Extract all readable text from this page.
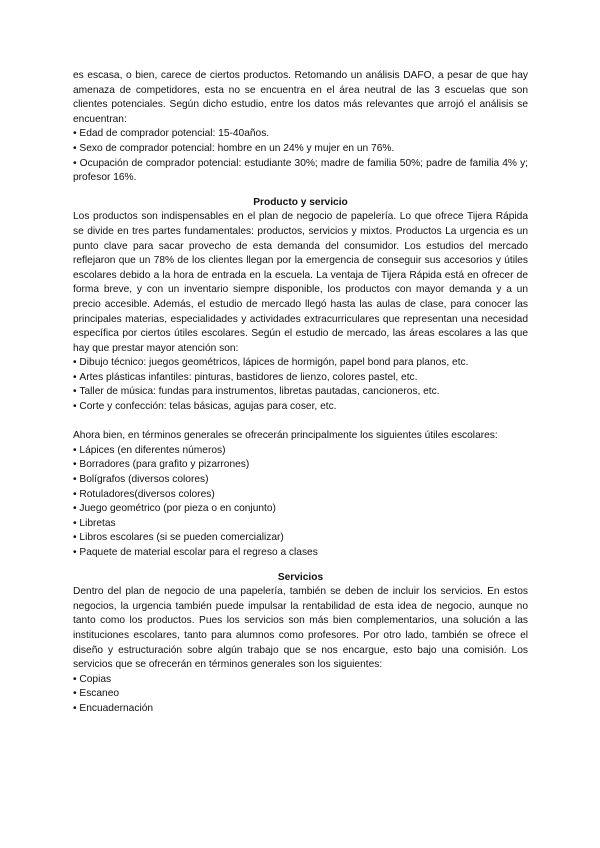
es escasa, o bien, carece de ciertos productos. Retomando un análisis DAFO, a pesar de que hay amenaza de competidores, esta no se encuentra en el área neutral de las 3 escuelas que son clientes potenciales. Según dicho estudio, entre los datos más relevantes que arrojó el análisis se encuentran:

• Edad de comprador potencial: 15-40años.
• Sexo de comprador potencial: hombre en un 24% y mujer en un 76%.
• Ocupación de comprador potencial: estudiante 30%; madre de familia 50%; padre de familia 4% y; profesor 16%.
Producto y servicio

Los productos son indispensables en el plan de negocio de papelería. Lo que ofrece Tijera Rápida se divide en tres partes fundamentales: productos, servicios y mixtos. Productos La urgencia es un punto clave para sacar provecho de esta demanda del consumidor. Los estudios del mercado reflejaron que un 78% de los clientes llegan por la emergencia de conseguir sus accesorios y útiles escolares debido a la hora de entrada en la escuela. La ventaja de Tijera Rápida está en ofrecer de forma breve, y con un inventario siempre disponible, los productos con mayor demanda y a un precio accesible. Además, el estudio de mercado llegó hasta las aulas de clase, para conocer las principales materias, especialidades y actividades extracurriculares que representan una necesidad específica por ciertos útiles escolares. Según el estudio de mercado, las áreas escolares a las que hay que prestar mayor atención son:

• Dibujo técnico: juegos geométricos, lápices de hormigón, papel bond para planos, etc.
• Artes plásticas infantiles: pinturas, bastidores de lienzo, colores pastel, etc.
• Taller de música: fundas para instrumentos, libretas pautadas, cancioneros, etc.
• Corte y confección: telas básicas, agujas para coser, etc.

Ahora bien, en términos generales se ofrecerán principalmente los siguientes útiles escolares:

• Lápices (en diferentes números)
• Borradores (para grafito y pizarrones)
• Bolígrafos (diversos colores)
• Rotuladores(diversos colores)
• Juego geométrico (por pieza o en conjunto)
• Libretas
• Libros escolares (si se pueden comercializar)
• Paquete de material escolar para el regreso a clases
Servicios

Dentro del plan de negocio de una papelería, también se deben de incluir los servicios. En estos negocios, la urgencia también puede impulsar la rentabilidad de esta idea de negocio, aunque no tanto como los productos. Pues los servicios son más bien complementarios, una solución a las instituciones escolares, tanto para alumnos como profesores. Por otro lado, también se ofrece el diseño y estructuración sobre algún trabajo que se nos encargue, esto bajo una comisión. Los servicios que se ofrecerán en términos generales son los siguientes:

• Copias
• Escaneo
• Encuadernación
